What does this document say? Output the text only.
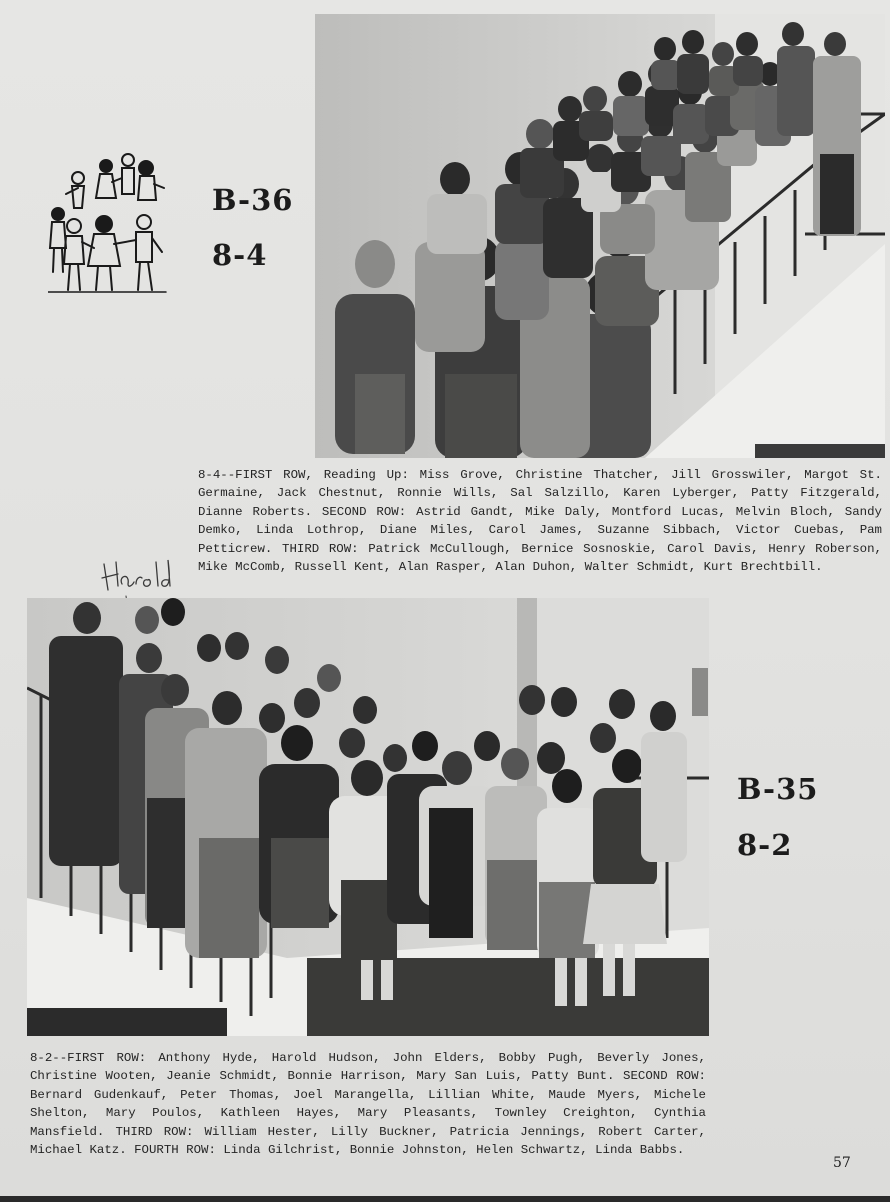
B-36
8-4

8-4--FIRST ROW, Reading Up: Miss Grove, Christine Thatcher, Jill Grosswiler, Margot St. Germaine, Jack Chestnut, Ronnie Wills, Sal Salzillo, Karen Lyberger, Patty Fitzgerald, Dianne Roberts. SECOND ROW: Astrid Gandt, Mike Daly, Montford Lucas, Melvin Bloch, Sandy Demko, Linda Lothrop, Diane Miles, Carol James, Suzanne Sibbach, Victor Cuebas, Pam Petticrew. THIRD ROW: Patrick McCullough, Bernice Sosnoskie, Carol Davis, Henry Roberson, Mike McComb, Russell Kent, Alan Rasper, Alan Duhon, Walter Schmidt, Kurt Brechtbill.

B-35
8-2

8-2--FIRST ROW: Anthony Hyde, Harold Hudson, John Elders, Bobby Pugh, Beverly Jones, Christine Wooten, Jeanie Schmidt, Bonnie Harrison, Mary San Luis, Patty Bunt. SECOND ROW: Bernard Gudenkauf, Peter Thomas, Joel Marangella, Lillian White, Maude Myers, Michele Shelton, Mary Poulos, Kathleen Hayes, Mary Pleasants, Townley Creighton, Cynthia Mansfield. THIRD ROW: William Hester, Lilly Buckner, Patricia Jennings, Robert Carter, Michael Katz. FOURTH ROW: Linda Gilchrist, Bonnie Johnston, Helen Schwartz, Linda Babbs.

57
